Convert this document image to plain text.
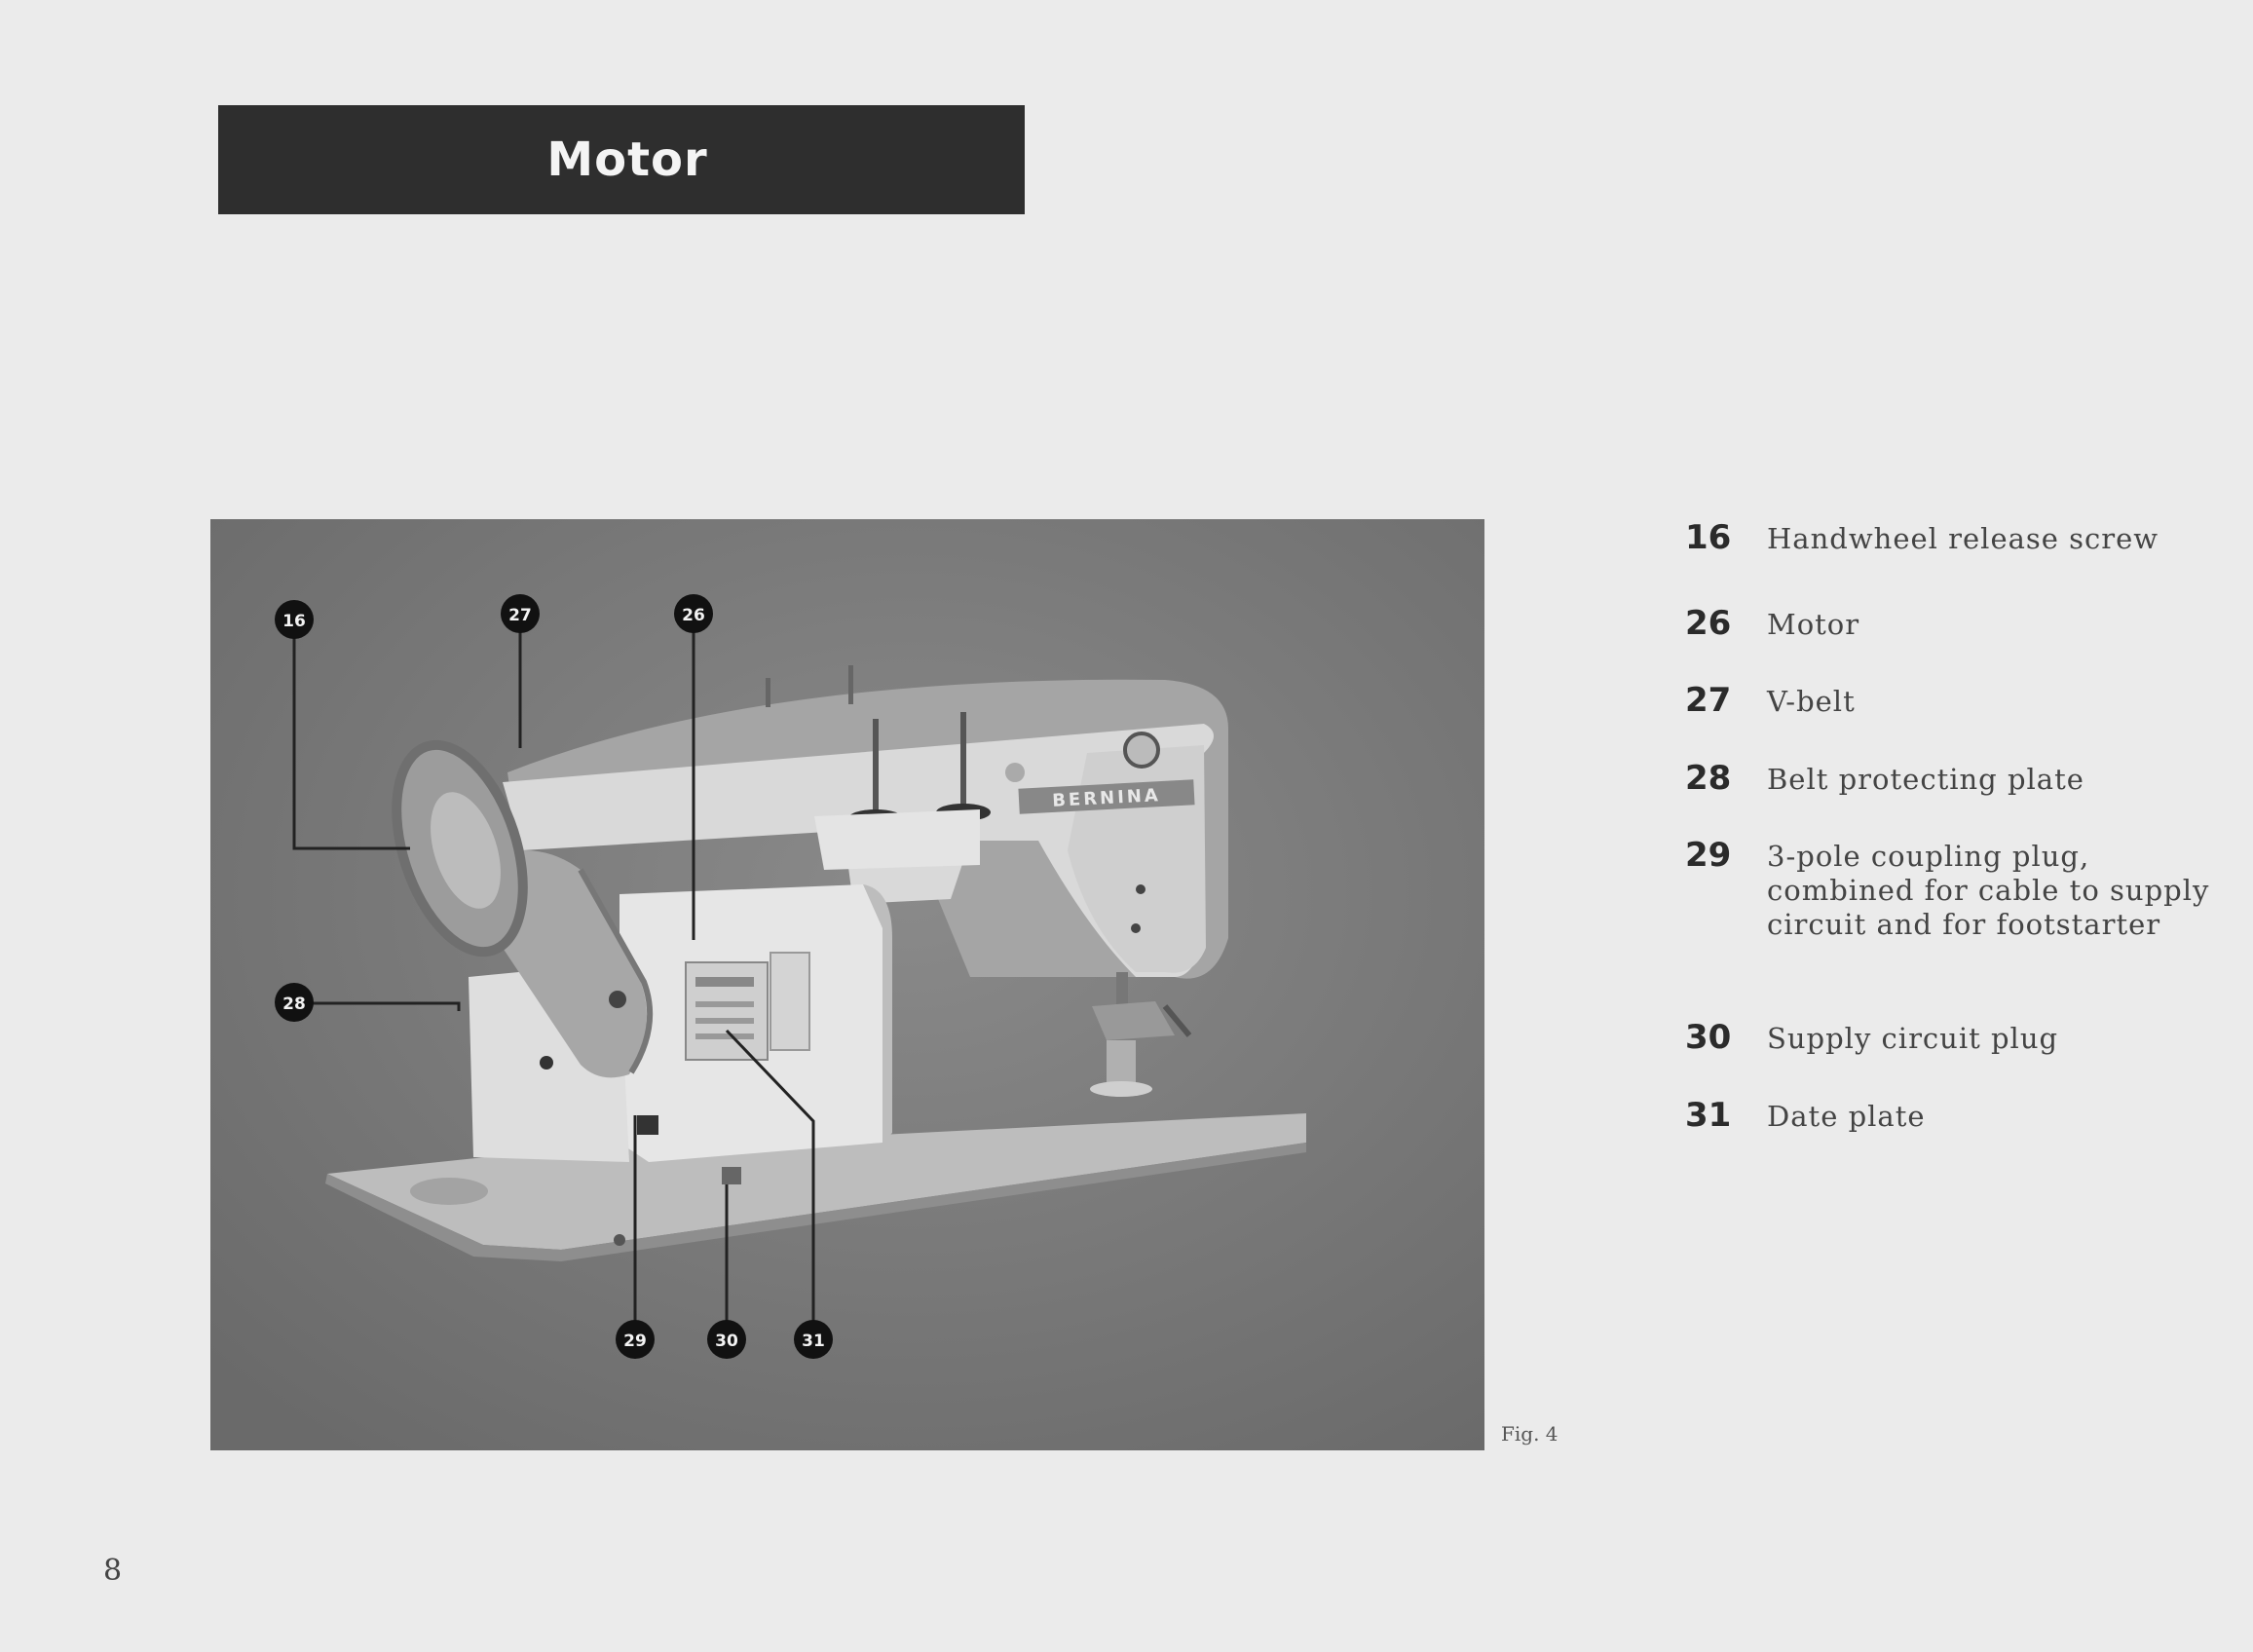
Motor
BERNINA
16	27	26
28
29	30	31
Fig. 4
16	Handwheel release screw
26	Motor
27	V-belt
28	Belt protecting plate
29	3-pole coupling plug, combined for cable to supply circuit and for footstarter
30	Supply circuit plug
31	Date plate
8
